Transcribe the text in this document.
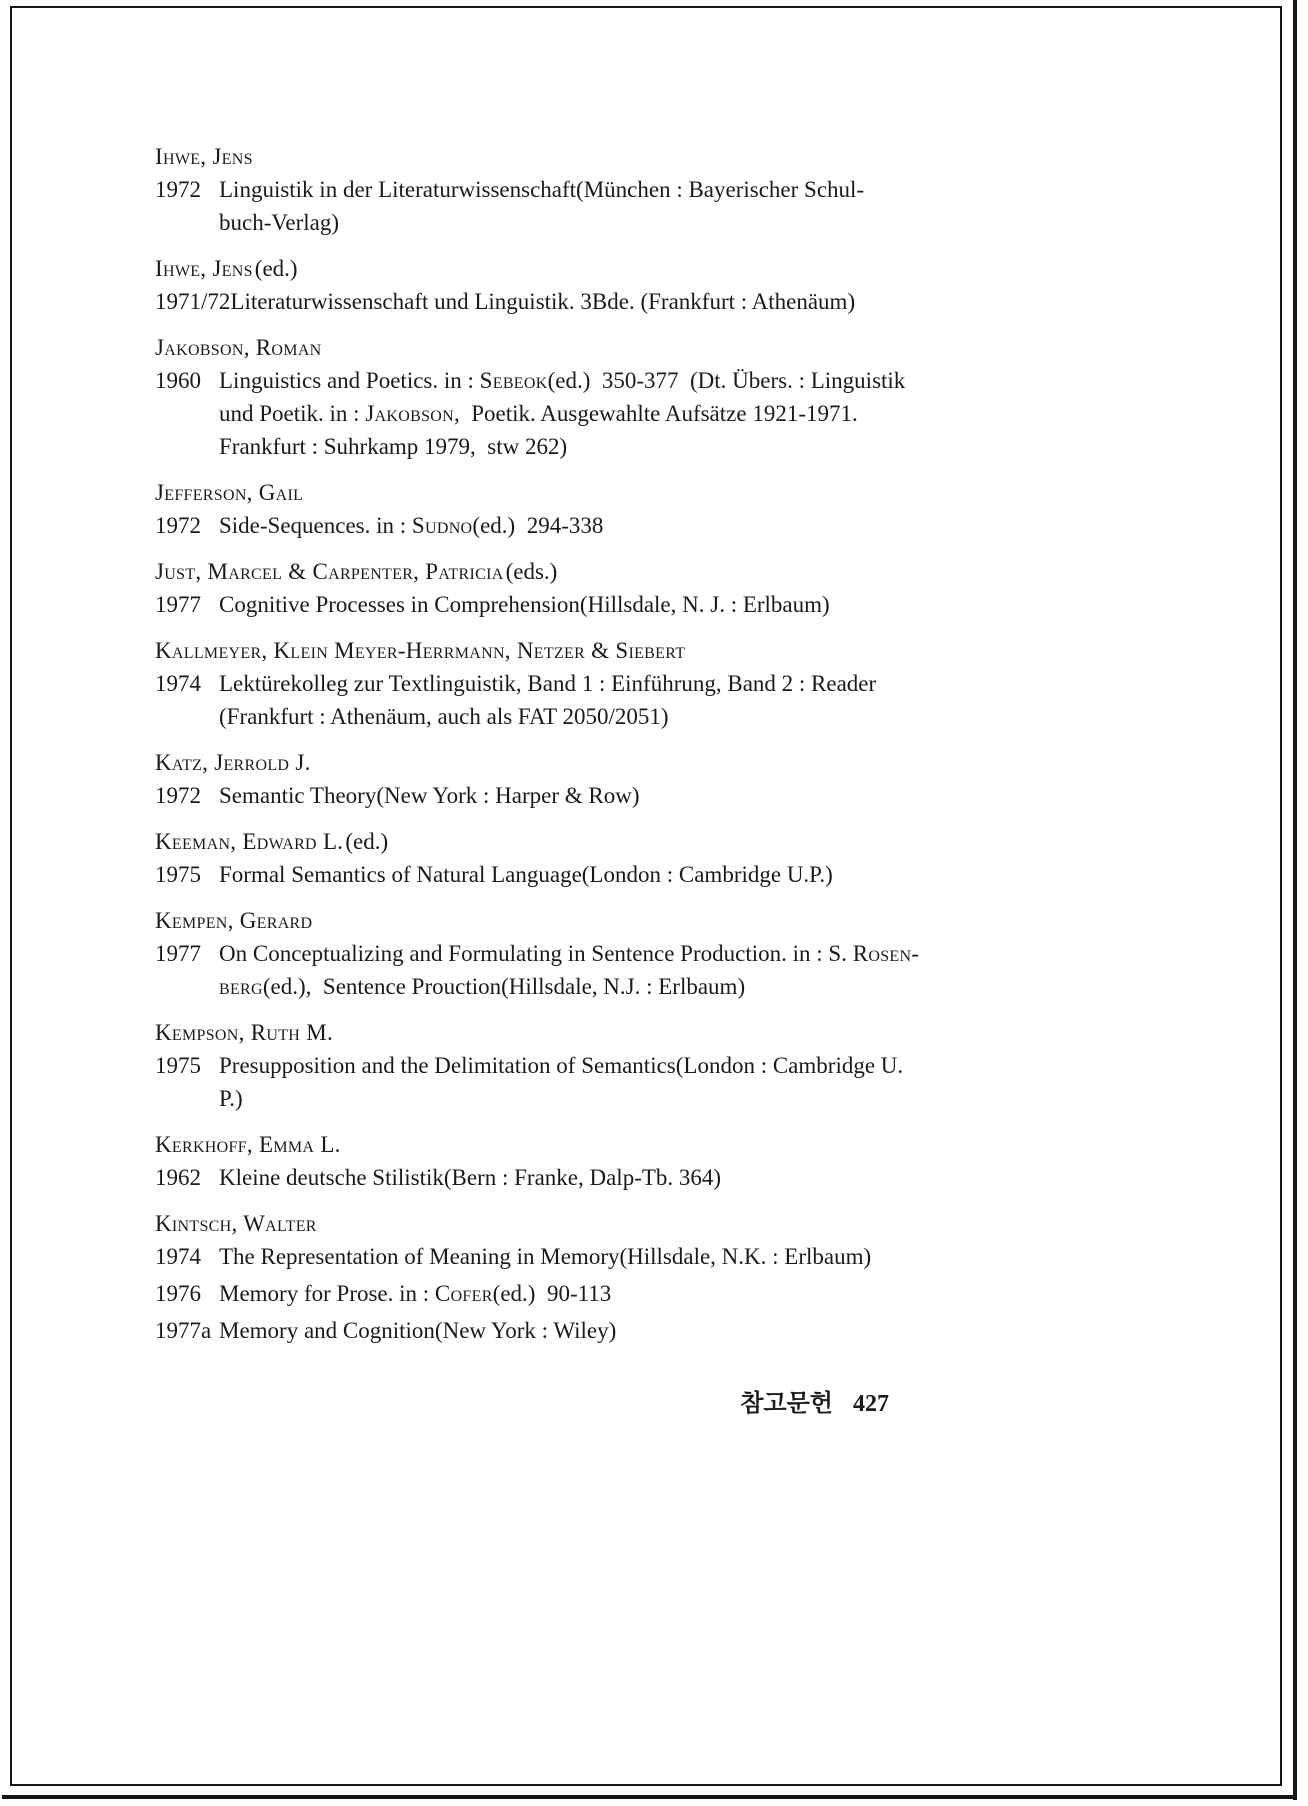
Ihwe, Jens
1972 Linguistik in der Literaturwissenschaft(München : Bayerischer Schul-
buch-Verlag)
Ihwe, Jens(ed.)
1971/72 Literaturwissenschaft und Linguistik. 3Bde. (Frankfurt : Athenäum)
Jakobson, Roman
1960 Linguistics and Poetics. in : Sebeok(ed.)  350-377  (Dt. Übers. : Linguistik
und Poetik. in : Jakobson,  Poetik. Ausgewahlte Aufsätze 1921-1971.
Frankfurt : Suhrkamp 1979,  stw 262)
Jefferson, Gail
1972 Side-Sequences. in : Sudno(ed.)  294-338
Just, Marcel & Carpenter, Patricia(eds.)
1977 Cognitive Processes in Comprehension(Hillsdale, N. J. : Erlbaum)
Kallmeyer, Klein Meyer-Herrmann, Netzer & Siebert
1974 Lektürekolleg zur Textlinguistik, Band 1 : Einführung, Band 2 : Reader
(Frankfurt : Athenäum, auch als FAT 2050/2051)
Katz, Jerrold J.
1972 Semantic Theory(New York : Harper & Row)
Keeman, Edward L.(ed.)
1975 Formal Semantics of Natural Language(London : Cambridge U.P.)
Kempen, Gerard
1977 On Conceptualizing and Formulating in Sentence Production. in : S. Rosen-
berg(ed.),  Sentence Prouction(Hillsdale, N.J. : Erlbaum)
Kempson, Ruth M.
1975 Presupposition and the Delimitation of Semantics(London : Cambridge U.
P.)
Kerkhoff, Emma L.
1962 Kleine deutsche Stilistik(Bern : Franke, Dalp-Tb. 364)
Kintsch, Walter
1974 The Representation of Meaning in Memory(Hillsdale, N.K. : Erlbaum)
1976 Memory for Prose. in : Cofer(ed.)  90-113
1977a Memory and Cognition(New York : Wiley)
참고문헌 427
